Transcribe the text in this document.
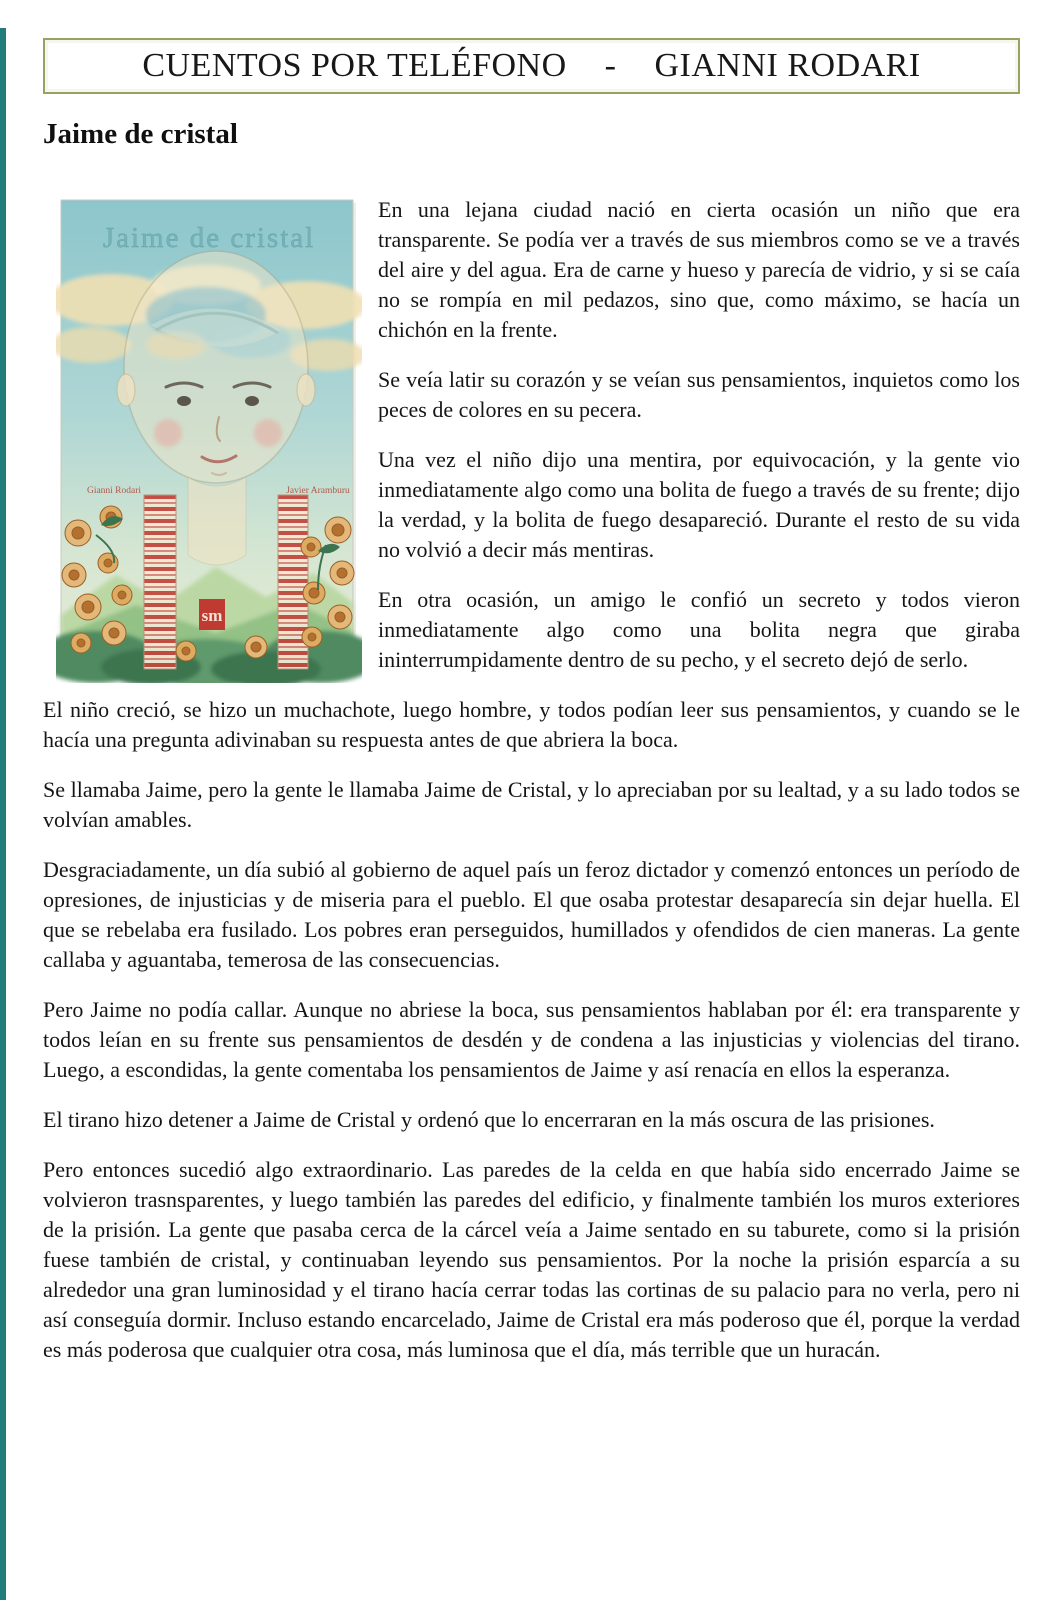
CUENTOS POR TELÉFONO - GIANNI RODARI
Jaime de cristal
Jaime de cristal
Gianni Rodari	Javier Aramburu
sm

En una lejana ciudad nació en cierta ocasión un niño que era transparente. Se podía ver a través de sus miembros como se ve a través del aire y del agua. Era de carne y hueso y parecía de vidrio, y si se caía no se rompía en mil pedazos, sino que, como máximo, se hacía un chichón en la frente.

Se veía latir su corazón y se veían sus pensamientos, inquietos como los peces de colores en su pecera.

Una vez el niño dijo una mentira, por equivocación, y la gente vio inmediatamente algo como una bolita de fuego a través de su frente; dijo la verdad, y la bolita de fuego desapareció. Durante el resto de su vida no volvió a decir más mentiras.

En otra ocasión, un amigo le confió un secreto y todos vieron inmediatamente algo como una bolita negra que giraba ininterrumpidamente dentro de su pecho, y el secreto dejó de serlo.

El niño creció, se hizo un muchachote, luego hombre, y todos podían leer sus pensamientos, y cuando se le hacía una pregunta adivinaban su respuesta antes de que abriera la boca.

Se llamaba Jaime, pero la gente le llamaba Jaime de Cristal, y lo apreciaban por su lealtad, y a su lado todos se volvían amables.

Desgraciadamente, un día subió al gobierno de aquel país un feroz dictador y comenzó entonces un período de opresiones, de injusticias y de miseria para el pueblo. El que osaba protestar desaparecía sin dejar huella. El que se rebelaba era fusilado. Los pobres eran perseguidos, humillados y ofendidos de cien maneras. La gente callaba y aguantaba, temerosa de las consecuencias.

Pero Jaime no podía callar. Aunque no abriese la boca, sus pensamientos hablaban por él: era transparente y todos leían en su frente sus pensamientos de desdén y de condena a las injusticias y violencias del tirano. Luego, a escondidas, la gente comentaba los pensamientos de Jaime y así renacía en ellos la esperanza.

El tirano hizo detener a Jaime de Cristal y ordenó que lo encerraran en la más oscura de las prisiones.

Pero entonces sucedió algo extraordinario. Las paredes de la celda en que había sido encerrado Jaime se volvieron trasnsparentes, y luego también las paredes del edificio, y finalmente también los muros exteriores de la prisión. La gente que pasaba cerca de la cárcel veía a Jaime sentado en su taburete, como si la prisión fuese también de cristal, y continuaban leyendo sus pensamientos. Por la noche la prisión esparcía a su alrededor una gran luminosidad y el tirano hacía cerrar todas las cortinas de su palacio para no verla, pero ni así conseguía dormir. Incluso estando encarcelado, Jaime de Cristal era más poderoso que él, porque la verdad es más poderosa que cualquier otra cosa, más luminosa que el día, más terrible que un huracán.
